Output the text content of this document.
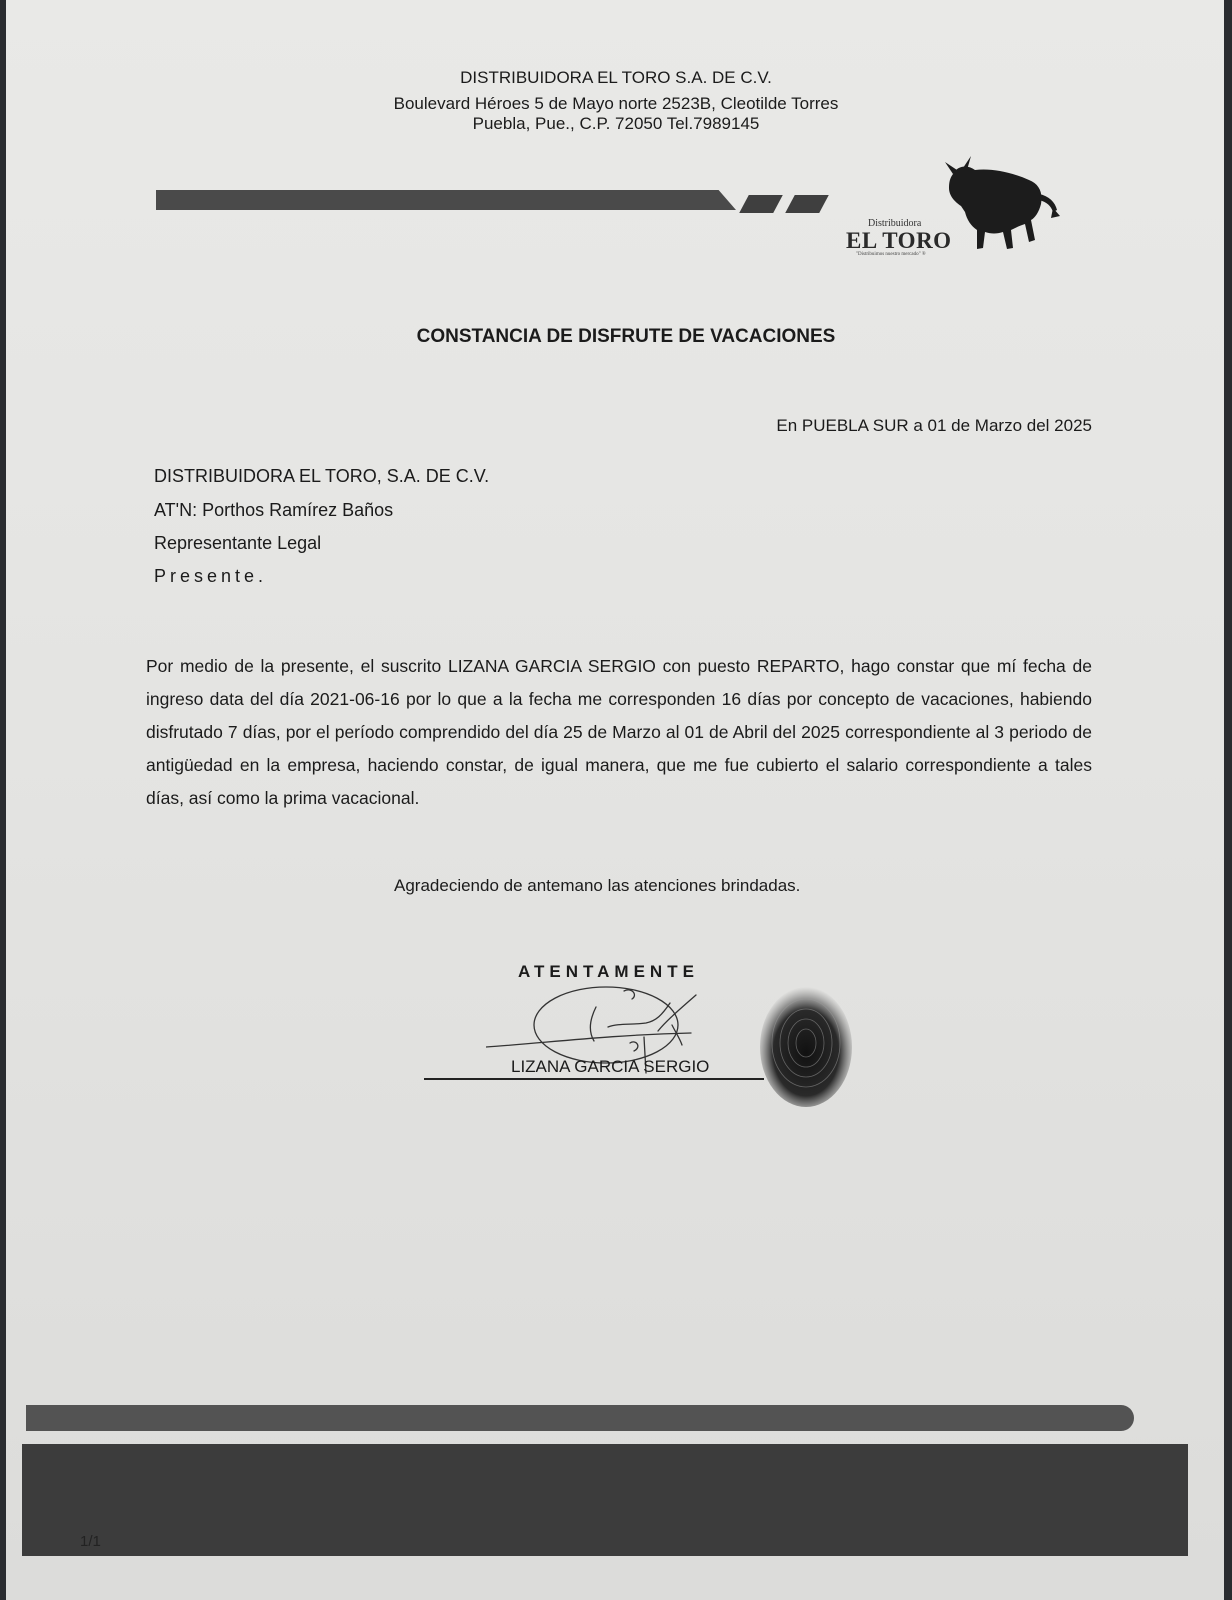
DISTRIBUIDORA EL TORO S.A. DE C.V.
Boulevard Héroes 5 de Mayo norte 2523B, Cleotilde Torres
Puebla, Pue., C.P. 72050 Tel.7989145
Distribuidora
EL TORO
"Distribuimos nuestro mercado" ®
CONSTANCIA DE DISFRUTE DE VACACIONES
En PUEBLA SUR a 01 de Marzo del 2025
DISTRIBUIDORA EL TORO, S.A. DE C.V.
AT'N: Porthos Ramírez Baños
Representante Legal
Presente.

Por medio de la presente, el suscrito LIZANA GARCIA SERGIO con puesto REPARTO, hago constar que mí fecha de ingreso data del día 2021-06-16 por lo que a la fecha me corresponden 16 días por concepto de vacaciones, habiendo disfrutado 7 días, por el período comprendido del día 25 de Marzo al 01 de Abril del 2025 correspondiente al 3 periodo de antigüedad en la empresa, haciendo constar, de igual manera, que me fue cubierto el salario correspondiente a tales días, así como la prima vacacional.

Agradeciendo de antemano las atenciones brindadas.
ATENTAMENTE
LIZANA GARCIA SERGIO
1/1
